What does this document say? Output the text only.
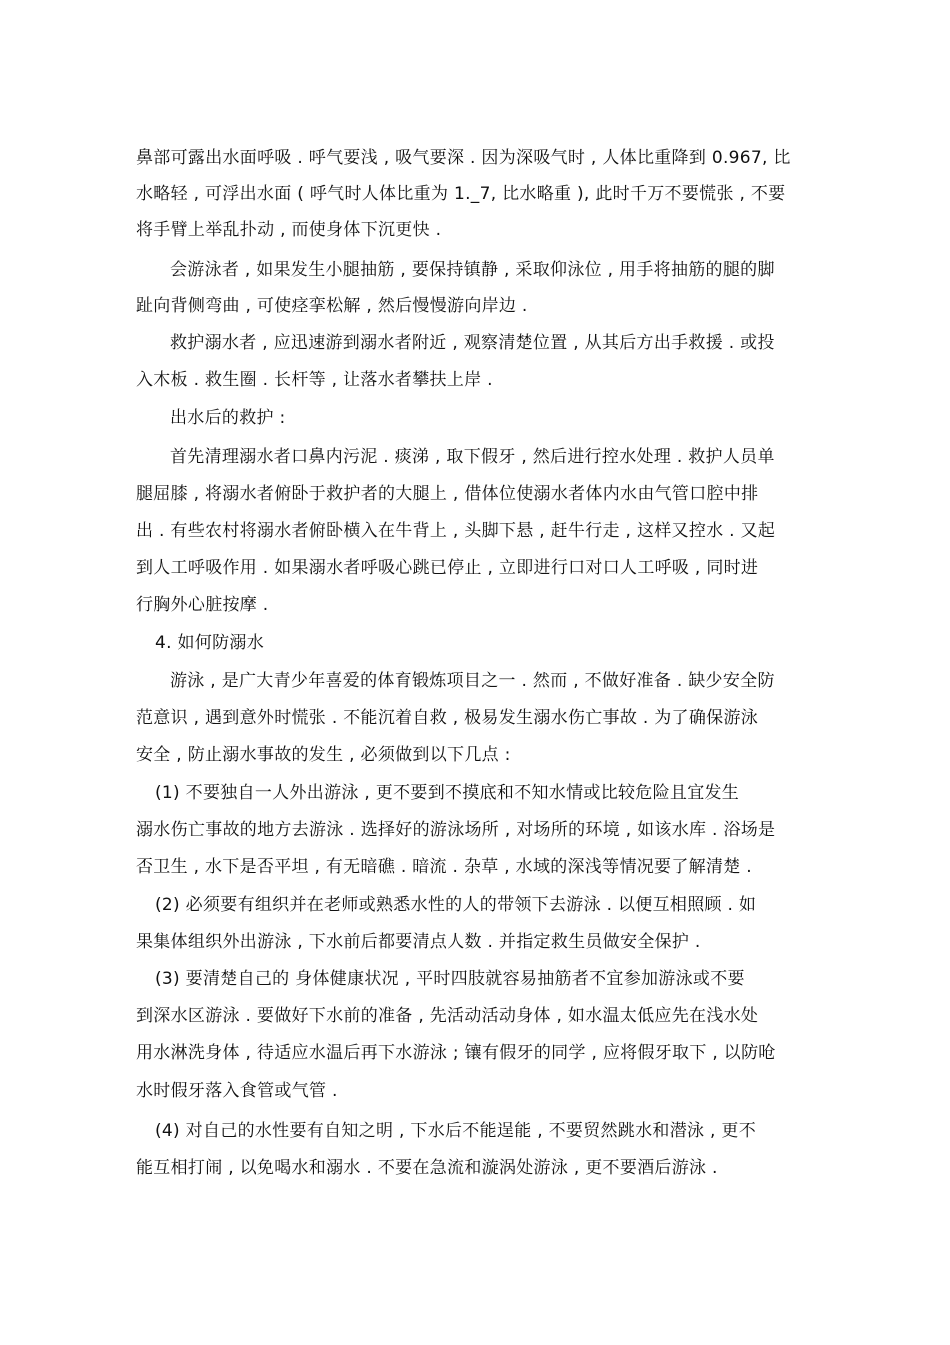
鼻部可露出水面呼吸 . 呼气要浅 , 吸气要深 . 因为深吸气时 , 人体比重降到 0.967, 比
水略轻 , 可浮出水面 ( 呼气时人体比重为 1._7, 比水略重 ), 此时千万不要慌张 , 不要
将手臂上举乱扑动 , 而使身体下沉更快 .
会游泳者 , 如果发生小腿抽筋 , 要保持镇静 , 采取仰泳位 , 用手将抽筋的腿的脚
趾向背侧弯曲 , 可使痉挛松解 , 然后慢慢游向岸边 .
救护溺水者 , 应迅速游到溺水者附近 , 观察清楚位置 , 从其后方出手救援 . 或投
入木板 . 救生圈 . 长杆等 , 让落水者攀扶上岸 .
出水后的救护 :
首先清理溺水者口鼻内污泥 . 痰涕 , 取下假牙 , 然后进行控水处理 . 救护人员单
腿屈膝 , 将溺水者俯卧于救护者的大腿上 , 借体位使溺水者体内水由气管口腔中排
出 . 有些农村将溺水者俯卧横入在牛背上 , 头脚下悬 , 赶牛行走 , 这样又控水 . 又起
到人工呼吸作用 . 如果溺水者呼吸心跳已停止 , 立即进行口对口人工呼吸 , 同时进
行胸外心脏按摩 .
4. 如何防溺水
游泳 , 是广大青少年喜爱的体育锻炼项目之一 . 然而 , 不做好准备 . 缺少安全防
范意识 , 遇到意外时慌张 . 不能沉着自救 , 极易发生溺水伤亡事故 . 为了确保游泳
安全 , 防止溺水事故的发生 , 必须做到以下几点 :
(1) 不要独自一人外出游泳 , 更不要到不摸底和不知水情或比较危险且宜发生
溺水伤亡事故的地方去游泳 . 选择好的游泳场所 , 对场所的环境 , 如该水库 . 浴场是
否卫生 , 水下是否平坦 , 有无暗礁 . 暗流 . 杂草 , 水域的深浅等情况要了解清楚 .
(2) 必须要有组织并在老师或熟悉水性的人的带领下去游泳 . 以便互相照顾 . 如
果集体组织外出游泳 , 下水前后都要清点人数 . 并指定救生员做安全保护 .
(3) 要清楚自己的 身体健康状况 , 平时四肢就容易抽筋者不宜参加游泳或不要
到深水区游泳 . 要做好下水前的准备 , 先活动活动身体 , 如水温太低应先在浅水处
用水淋洗身体 , 待适应水温后再下水游泳 ; 镶有假牙的同学 , 应将假牙取下 , 以防呛
水时假牙落入食管或气管 .
(4) 对自己的水性要有自知之明 , 下水后不能逞能 , 不要贸然跳水和潜泳 , 更不
能互相打闹 , 以免喝水和溺水 . 不要在急流和漩涡处游泳 , 更不要酒后游泳 .
